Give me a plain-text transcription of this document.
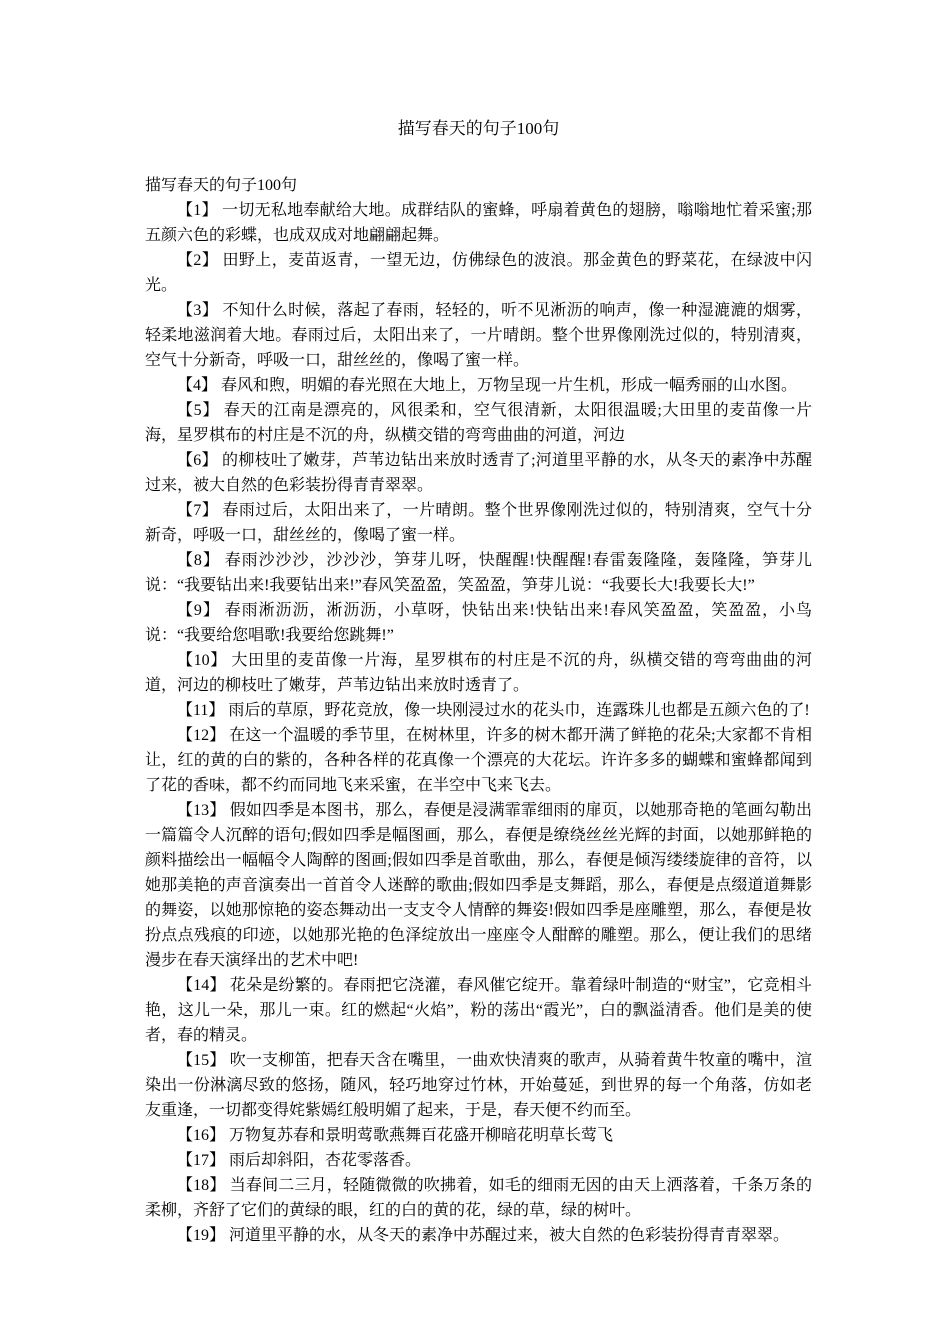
描写春天的句子100句

描写春天的句子100句

【1】 一切无私地奉献给大地。成群结队的蜜蜂，呼扇着黄色的翅膀，嗡嗡地忙着采蜜;那五颜六色的彩蝶，也成双成对地翩翩起舞。

【2】 田野上，麦苗返青，一望无边，仿佛绿色的波浪。那金黄色的野菜花，在绿波中闪光。

【3】 不知什么时候，落起了春雨，轻轻的，听不见淅沥的响声，像一种湿漉漉的烟雾，轻柔地滋润着大地。春雨过后，太阳出来了，一片晴朗。整个世界像刚洗过似的，特别清爽，空气十分新奇，呼吸一口，甜丝丝的，像喝了蜜一样。

【4】 春风和煦，明媚的春光照在大地上，万物呈现一片生机，形成一幅秀丽的山水图。

【5】 春天的江南是漂亮的，风很柔和，空气很清新，太阳很温暖;大田里的麦苗像一片海，星罗棋布的村庄是不沉的舟，纵横交错的弯弯曲曲的河道，河边

【6】 的柳枝吐了嫩芽，芦苇边钻出来放时透青了;河道里平静的水，从冬天的素净中苏醒过来，被大自然的色彩装扮得青青翠翠。

【7】 春雨过后，太阳出来了，一片晴朗。整个世界像刚洗过似的，特别清爽，空气十分新奇，呼吸一口，甜丝丝的，像喝了蜜一样。

【8】 春雨沙沙沙，沙沙沙，笋芽儿呀，快醒醒!快醒醒!春雷轰隆隆，轰隆隆，笋芽儿说：“我要钻出来!我要钻出来!”春风笑盈盈，笑盈盈，笋芽儿说：“我要长大!我要长大!”

【9】 春雨淅沥沥，淅沥沥，小草呀，快钻出来!快钻出来!春风笑盈盈，笑盈盈，小鸟说：“我要给您唱歌!我要给您跳舞!”

【10】 大田里的麦苗像一片海，星罗棋布的村庄是不沉的舟，纵横交错的弯弯曲曲的河道，河边的柳枝吐了嫩芽，芦苇边钻出来放时透青了。

【11】 雨后的草原，野花竞放，像一块刚浸过水的花头巾，连露珠儿也都是五颜六色的了!

【12】 在这一个温暖的季节里，在树林里，许多的树木都开满了鲜艳的花朵;大家都不肯相让，红的黄的白的紫的，各种各样的花真像一个漂亮的大花坛。许许多多的蝴蝶和蜜蜂都闻到了花的香味，都不约而同地飞来采蜜，在半空中飞来飞去。

【13】 假如四季是本图书，那么，春便是浸满霏霏细雨的扉页，以她那奇艳的笔画勾勒出一篇篇令人沉醉的语句;假如四季是幅图画，那么，春便是缭绕丝丝光辉的封面，以她那鲜艳的颜料描绘出一幅幅令人陶醉的图画;假如四季是首歌曲，那么，春便是倾泻缕缕旋律的音符，以她那美艳的声音演奏出一首首令人迷醉的歌曲;假如四季是支舞蹈，那么，春便是点缀道道舞影的舞姿，以她那惊艳的姿态舞动出一支支令人情醉的舞姿!假如四季是座雕塑，那么，春便是妆扮点点残痕的印迹，以她那光艳的色泽绽放出一座座令人酣醉的雕塑。那么，便让我们的思绪漫步在春天演绎出的艺术中吧!

【14】 花朵是纷繁的。春雨把它浇灌，春风催它绽开。靠着绿叶制造的“财宝”，它竞相斗艳，这儿一朵，那儿一束。红的燃起“火焰”，粉的荡出“霞光”，白的飘溢清香。他们是美的使者，春的精灵。

【15】 吹一支柳笛，把春天含在嘴里，一曲欢快清爽的歌声，从骑着黄牛牧童的嘴中，渲染出一份淋漓尽致的悠扬，随风，轻巧地穿过竹林，开始蔓延，到世界的每一个角落，仿如老友重逢，一切都变得姹紫嫣红般明媚了起来，于是，春天便不约而至。

【16】 万物复苏春和景明莺歌燕舞百花盛开柳暗花明草长莺飞

【17】 雨后却斜阳，杏花零落香。

【18】 当春间二三月，轻随微微的吹拂着，如毛的细雨无因的由天上洒落着，千条万条的柔柳，齐舒了它们的黄绿的眼，红的白的黄的花，绿的草，绿的树叶。

【19】 河道里平静的水，从冬天的素净中苏醒过来，被大自然的色彩装扮得青青翠翠。
